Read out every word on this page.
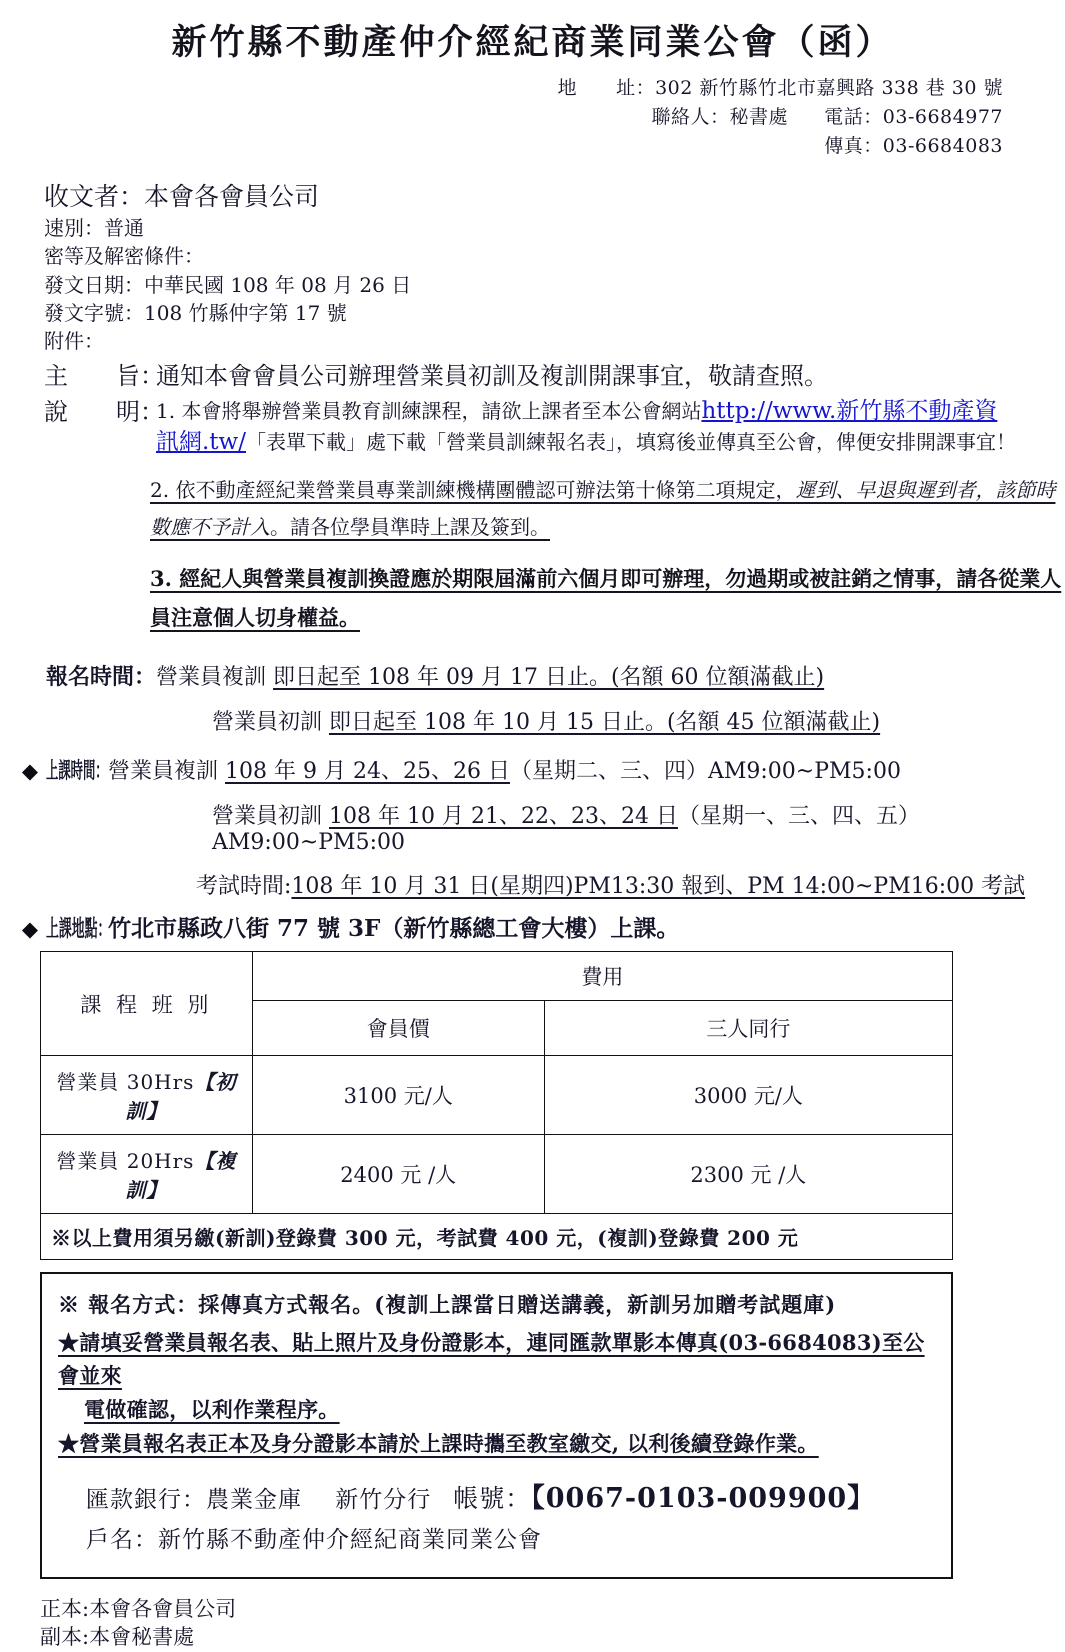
新竹縣不動產仲介經紀商業同業公會（函）
地　　址：302 新竹縣竹北市嘉興路 338 巷 30 號
聯絡人：秘書處 電話：03-6684977
傳真：03-6684083
收文者：本會各會員公司
速別：普通
密等及解密條件：
發文日期：中華民國 108 年 08 月 26 日
發文字號：108 竹縣仲字第 17 號
附件：
主　　旨：
通知本會會員公司辦理營業員初訓及複訓開課事宜，敬請查照。
說　　明：
1. 本會將舉辦營業員教育訓練課程，請欲上課者至本公會網站http://www.新竹縣不動產資
訊網.tw/「表單下載」處下載「營業員訓練報名表」，填寫後並傳真至公會，俾便安排開課事宜！
2. 依不動產經紀業營業員專業訓練機構團體認可辦法第十條第二項規定，遲到、早退與遲到者，該節時數應不予計入。請各位學員準時上課及簽到。
3. 經紀人與營業員複訓換證應於期限屆滿前六個月即可辦理，勿過期或被註銷之情事，請各從業人員注意個人切身權益。

報名時間： 營業員複訓 即日起至 108 年 09 月 17 日止。(名額 60 位額滿截止)

營業員初訓 即日起至 108 年 10 月 15 日止。(名額 45 位額滿截止)
◆ 上課時間： 營業員複訓 108 年 9 月 24、25、26 日（星期二、三、四）AM9:00~PM5:00

營業員初訓 108 年 10 月 21、22、23、24 日（星期一、三、四、五）AM9:00~PM5:00

考試時間:108 年 10 月 31 日(星期四)PM13:30 報到、PM 14:00~PM16:00 考試
◆ 上課地點：
竹北市縣政八街 77 號 3F（新竹縣總工會大樓）上課。
課 程 班 別	費用	
	會員價	三人同行
營業員 30Hrs【初訓】	3100 元/人	3000 元/人
營業員 20Hrs【複訓】	2400 元 /人	2300 元 /人
※以上費用須另繳(新訓)登錄費 300 元，考試費 400 元，(複訓)登錄費 200 元		
※ 報名方式：採傳真方式報名。(複訓上課當日贈送講義，新訓另加贈考試題庫)
★請填妥營業員報名表、貼上照片及身份證影本，連同匯款單影本傳真(03-6684083)至公會並來
電做確認，以利作業程序。
★營業員報名表正本及身分證影本請於上課時攜至教室繳交, 以利後續登錄作業。
匯款銀行：農業金庫 新竹分行 帳號：【0067-0103-009900】
戶名：新竹縣不動產仲介經紀商業同業公會
正本:本會各會員公司
副本:本會秘書處
